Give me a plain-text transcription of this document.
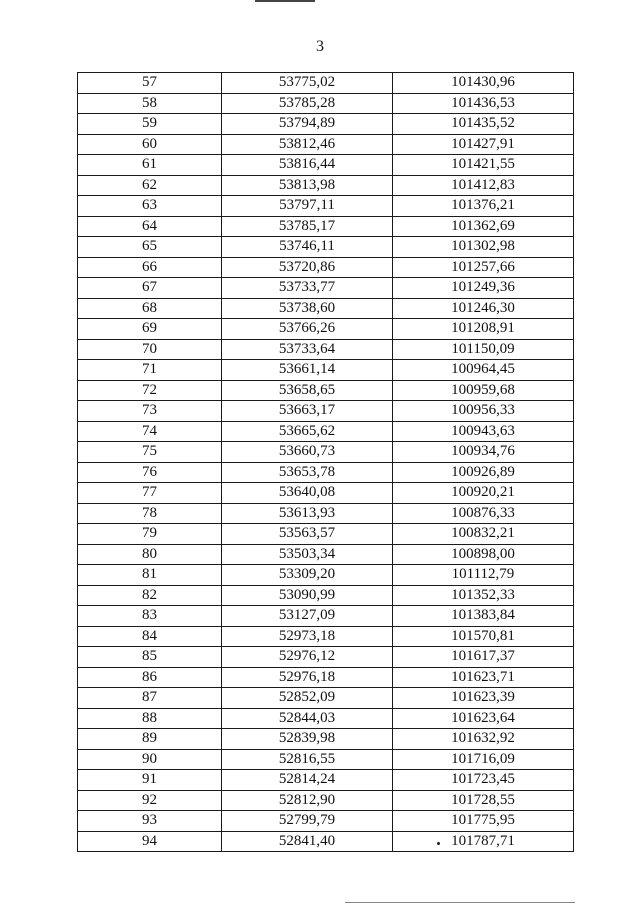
3
57	53775,02	101430,96
58	53785,28	101436,53
59	53794,89	101435,52
60	53812,46	101427,91
61	53816,44	101421,55
62	53813,98	101412,83
63	53797,11	101376,21
64	53785,17	101362,69
65	53746,11	101302,98
66	53720,86	101257,66
67	53733,77	101249,36
68	53738,60	101246,30
69	53766,26	101208,91
70	53733,64	101150,09
71	53661,14	100964,45
72	53658,65	100959,68
73	53663,17	100956,33
74	53665,62	100943,63
75	53660,73	100934,76
76	53653,78	100926,89
77	53640,08	100920,21
78	53613,93	100876,33
79	53563,57	100832,21
80	53503,34	100898,00
81	53309,20	101112,79
82	53090,99	101352,33
83	53127,09	101383,84
84	52973,18	101570,81
85	52976,12	101617,37
86	52976,18	101623,71
87	52852,09	101623,39
88	52844,03	101623,64
89	52839,98	101632,92
90	52816,55	101716,09
91	52814,24	101723,45
92	52812,90	101728,55
93	52799,79	101775,95
94	52841,40	101787,71
